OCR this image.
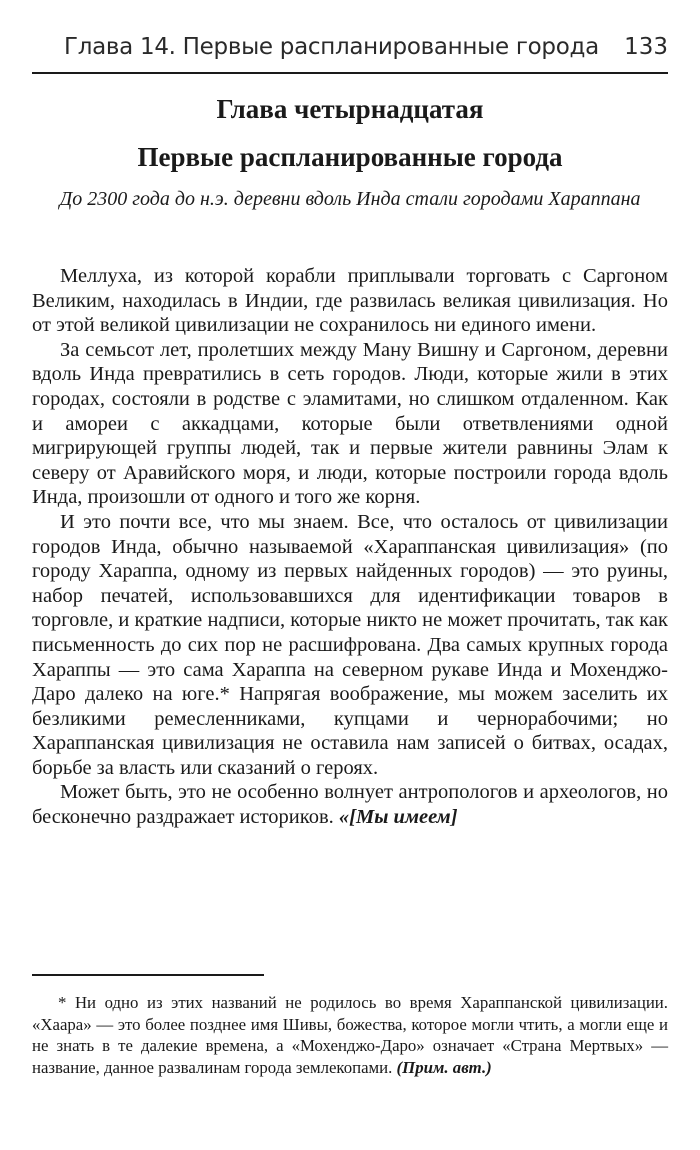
Глава 14. Первые распланированные города 133
Глава четырнадцатая
Первые распланированные города
До 2300 года до н.э. деревни вдоль Инда стали городами Хараппана

Меллуха, из которой корабли приплывали торговать с Саргоном Великим, находилась в Индии, где развилась великая цивилизация. Но от этой великой цивилизации не сохранилось ни единого имени.

За семьсот лет, пролетших между Ману Вишну и Саргоном, деревни вдоль Инда превратились в сеть городов. Люди, которые жили в этих городах, состояли в родстве с эламитами, но слишком отдаленном. Как и амореи с аккадцами, которые были ответвлениями одной мигрирующей группы людей, так и первые жители равнины Элам к северу от Аравийского моря, и люди, которые построили города вдоль Инда, произошли от одного и того же корня.

И это почти все, что мы знаем. Все, что осталось от цивилизации городов Инда, обычно называемой «Хараппанская цивилизация» (по городу Хараппа, одному из первых найденных городов) — это руины, набор печатей, использовавшихся для идентификации товаров в торговле, и краткие надписи, которые никто не может прочитать, так как письменность до сих пор не расшифрована. Два самых крупных города Хараппы — это сама Хараппа на северном рукаве Инда и Мохенджо-Даро далеко на юге.* Напрягая воображение, мы можем заселить их безликими ремесленниками, купцами и чернорабочими; но Хараппанская цивилизация не оставила нам записей о битвах, осадах, борьбе за власть или сказаний о героях.

Может быть, это не особенно волнует антропологов и археологов, но бесконечно раздражает историков. «[Мы имеем]

* Ни одно из этих названий не родилось во время Хараппанской цивилизации. «Хаара» — это более позднее имя Шивы, божества, которое могли чтить, а могли еще и не знать в те далекие времена, а «Мохенджо-Даро» означает «Страна Мертвых» — название, данное развалинам города землекопами. (Прим. авт.)
